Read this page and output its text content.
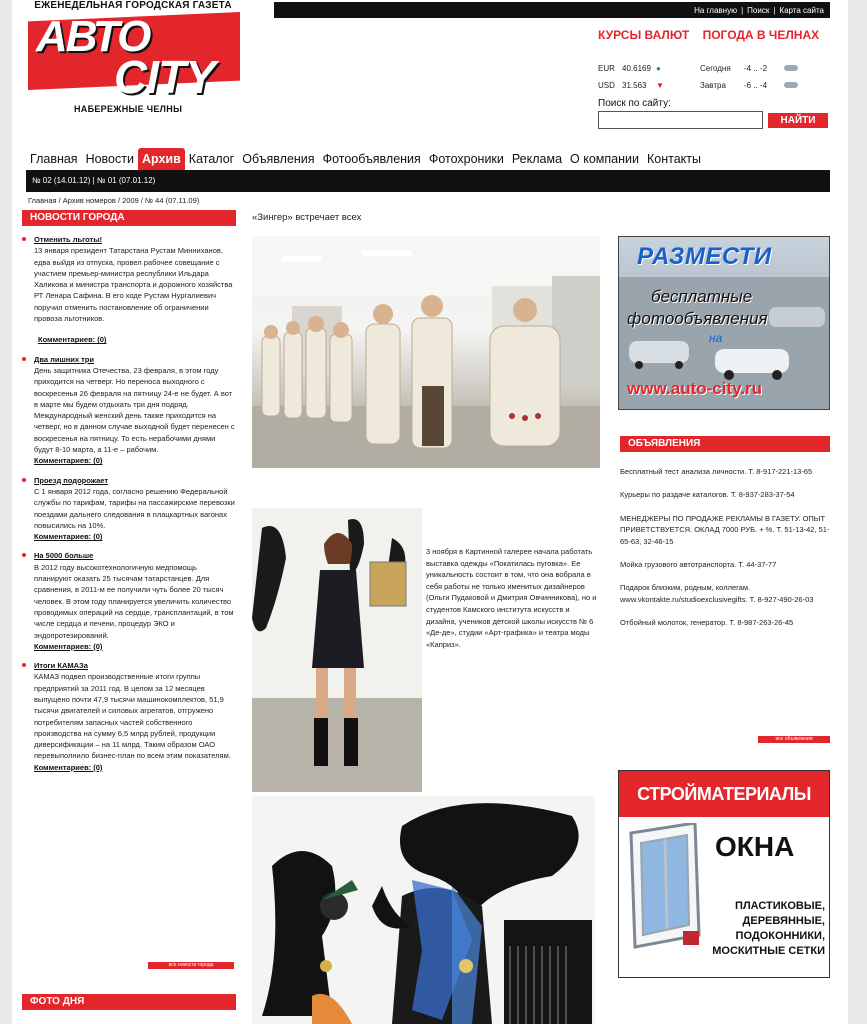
ЕЖЕНЕДЕЛЬНАЯ ГОРОДСКАЯ ГАЗЕТА
АВТО
CITY
НАБЕРЕЖНЫЕ ЧЕЛНЫ
На главную | Поиск | Карта сайта
КУРСЫ ВАЛЮТ ПОГОДА В ЧЕЛНАХ
EUR 40.6169 ●
USD 31.563	▼
Сегодня	-4 .. -2
Завтра	-6 .. -4
Поиск по сайту:
НАЙТИ
Главная Новости Архив Каталог Объявления Фотообъявления Фотохроники Реклама О компании Контакты
№ 02 (14.01.12) | № 01 (07.01.12)
Главная / Архив номеров / 2009 / № 44 (07.11.09)
НОВОСТИ ГОРОДА
Отменить льготы!
13 января президент Татарстана Рустам Минниханов, едва выйдя из отпуска, провел рабочее совещание с участием премьер-министра республики Ильдара Халикова и министра транспорта и дорожного хозяйства РТ Ленара Сафина. В его ходе Рустам Нургалиевич поручил отменить постановление об ограничении провоза льготников.
Комментариев: (0)
Два лишних три
День защитника Отечества, 23 февраля, в этом году приходится на четверг. Но переноса выходного с воскресенья 26 февраля на пятницу 24-е не будет. А вот в марте мы будем отдыхать три дня подряд. Международный женский день также приходится на четверг, но в данном случае выходной будет перенесен с воскресенья на пятницу. То есть нерабочими днями будут 8-10 марта, а 11-е – рабочим.
Комментариев: (0)
Проезд подорожает
С 1 января 2012 года, согласно решению Федеральной службы по тарифам, тарифы на пассажирские перевозки поездами дальнего следования в плацкартных вагонах повысились на 10%.
Комментариев: (0)
На 5000 больше
В 2012 году высокотехнологичную медпомощь планируют оказать 25 тысячам татарстанцев. Для сравнения, в 2011-м ее получили чуть более 20 тысяч человек. В этом году планируется увеличить количество проводимых операций на сердце, трансплантаций, в том числе сердца и печени, процедур ЭКО и эндопротезирований.
Комментариев: (0)
Итоги КАМАЗа
КАМАЗ подвел производственные итоги группы предприятий за 2011 год. В целом за 12 месяцев выпущено почти 47,9 тысячи машинокомплектов, 51,9 тысячи двигателей и силовых агрегатов, отгружено потребителям запасных частей собственного производства на сумму 6,5 млрд рублей, продукции диверсификации – на 11 млрд. Таким образом ОАО перевыполнило бизнес-план по всем этим показателям.
Комментариев: (0)
все новости города
ФОТО ДНЯ
«Зингер» встречает всех
3 ноября в Картинной галерее начала работать выставка одежды «Покатилась пуговка». Ее уникальность состоит в том, что она вобрала в себя работы не только именитых дизайнеров (Ольги Пудаковой и Дмитрия Овчинникова), но и студентов Камского института искусств и дизайна, учеников детской школы искусств № 6 «Де-де», студии «Арт-графика» и театра моды «Каприз».
РАЗМЕСТИ
бесплатные
фотообъявления
на
www.auto-city.ru
ОБЪЯВЛЕНИЯ
Бесплатный тест анализа личности. Т. 8-917-221-13-65
Курьеры по раздаче каталогов. Т. 8-937-283-37-54
МЕНЕДЖЕРЫ ПО ПРОДАЖЕ РЕКЛАМЫ В ГАЗЕТУ. ОПЫТ ПРИВЕТСТВУЕТСЯ. ОКЛАД 7000 РУБ. + %. Т. 51-13-42, 51-65-63, 32-46-15
Мойка грузового автотранспорта. Т. 44-37-77
Подарок близким, родным, коллегам. www.vkontakte.ru/studioexclusivegifts. Т. 8-927-490-26-03
Отбойный молоток, генератор. Т. 8-987-263-26-45
все объявления
СТРОЙМАТЕРИАЛЫ
ОКНА
ПЛАСТИКОВЫЕ,
ДЕРЕВЯННЫЕ,
ПОДОКОННИКИ,
МОСКИТНЫЕ СЕТКИ
